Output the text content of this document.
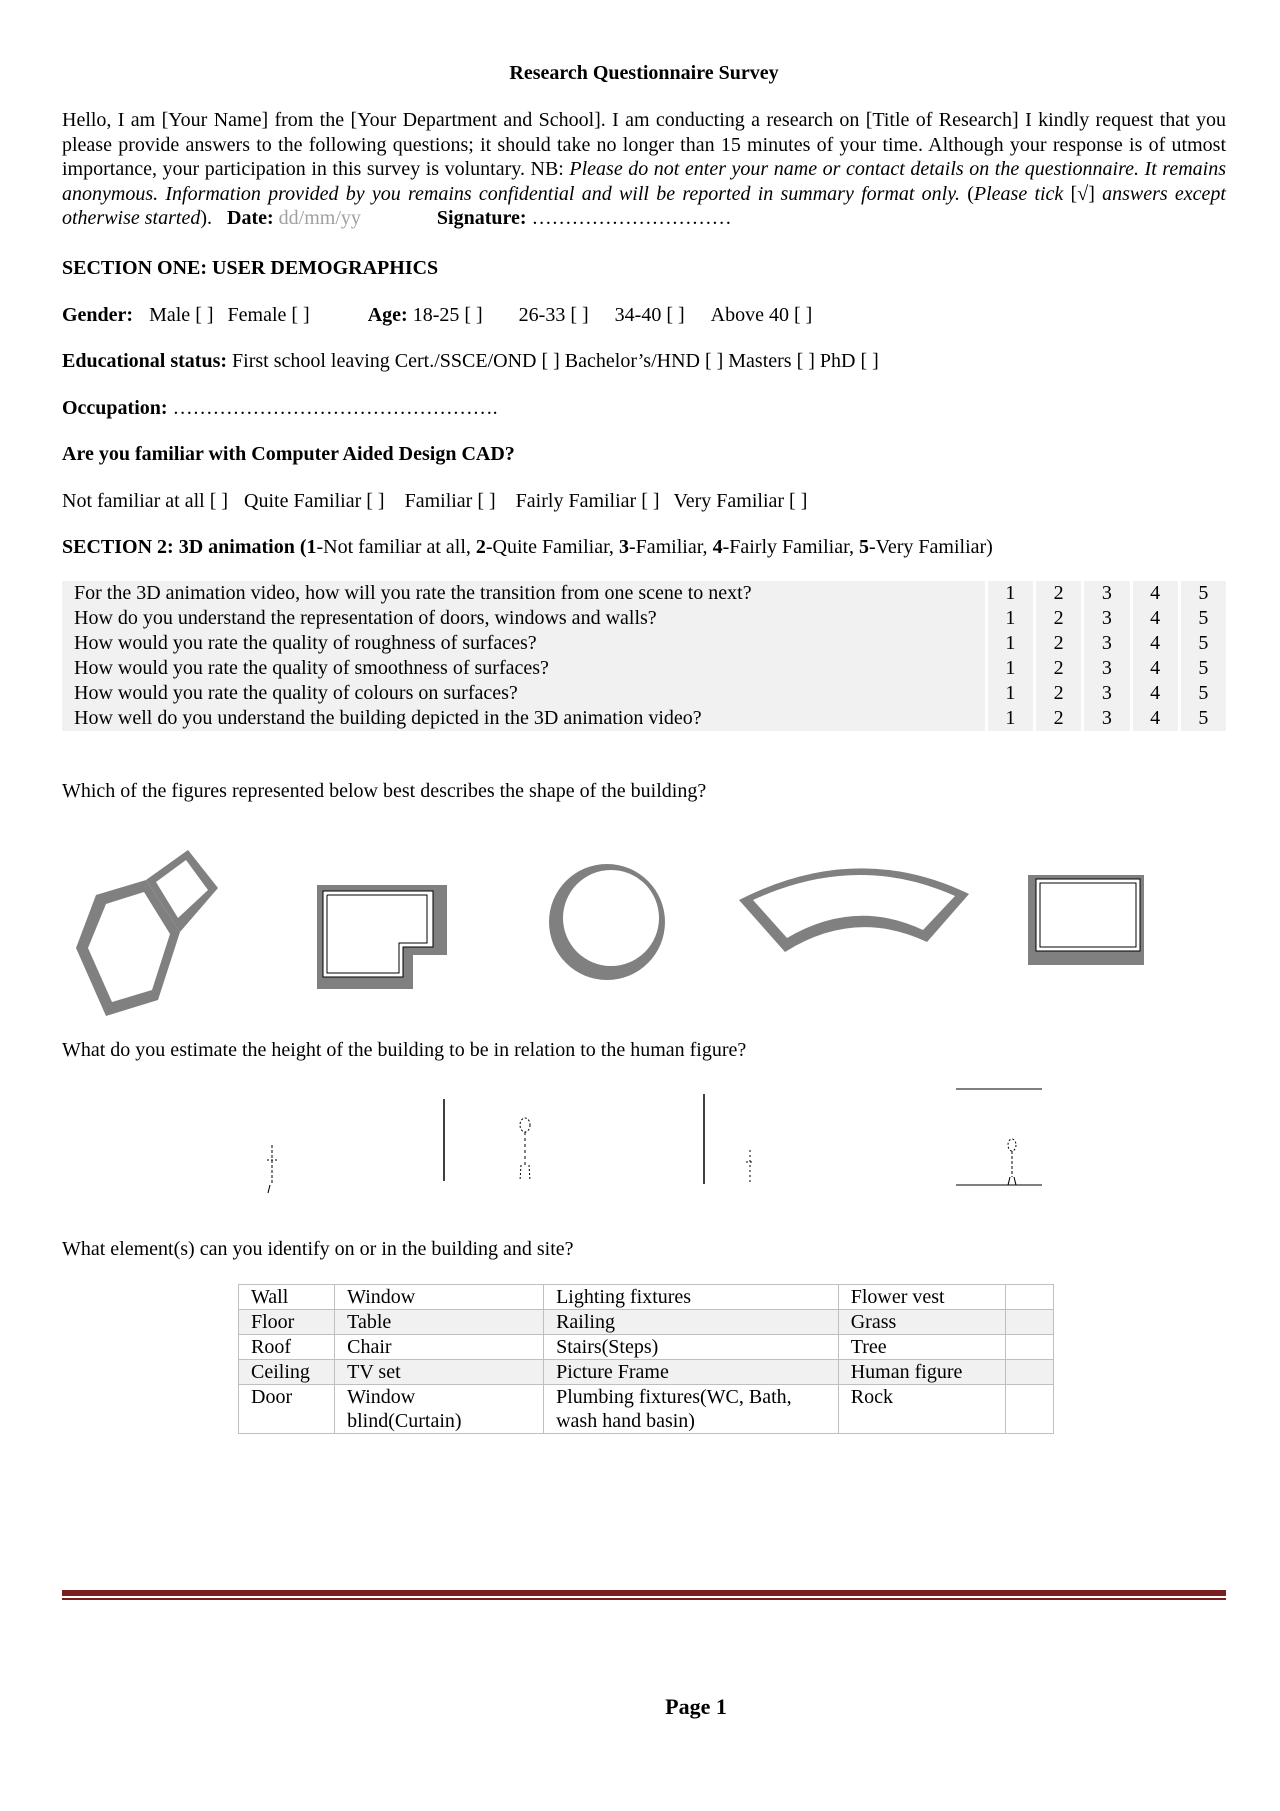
Research Questionnaire Survey
Hello, I am [Your Name] from the [Your Department and School]. I am conducting a research on [Title of Research] I kindly request that you please provide answers to the following questions; it should take no longer than 15 minutes of your time. Although your response is of utmost importance, your participation in this survey is voluntary. NB: Please do not enter your name or contact details on the questionnaire. It remains anonymous. Information provided by you remains confidential and will be reported in summary format only. (Please tick [√] answers except otherwise started). Date: dd/mm/yy	Signature: …………………………
SECTION ONE: USER DEMOGRAPHICS
Gender: Male [ ] Female [ ]	Age: 18-25 [ ] 26-33 [ ] 34-40 [ ] Above 40 [ ]
Educational status: First school leaving Cert./SSCE/OND [ ] Bachelor’s/HND [ ] Masters [ ] PhD [ ]
Occupation: ………………………………………….
Are you familiar with Computer Aided Design CAD?
Not familiar at all [ ] Quite Familiar [ ] Familiar [ ] Fairly Familiar [ ] Very Familiar [ ]
SECTION 2: 3D animation (1-Not familiar at all, 2-Quite Familiar, 3-Familiar, 4-Fairly Familiar, 5-Very Familiar)
For the 3D animation video, how will you rate the transition from one scene to next?	1	2	3	4	5
How do you understand the representation of doors, windows and walls?	1	2	3	4	5
How would you rate the quality of roughness of surfaces?	1	2	3	4	5
How would you rate the quality of smoothness of surfaces?	1	2	3	4	5
How would you rate the quality of colours on surfaces?	1	2	3	4	5
How well do you understand the building depicted in the 3D animation video?	1	2	3	4	5
Which of the figures represented below best describes the shape of the building?
What do you estimate the height of the building to be in relation to the human figure?
What element(s) can you identify on or in the building and site?
Wall	Window	Lighting fixtures	Flower vest	
Floor	Table	Railing	Grass	
Roof	Chair	Stairs(Steps)	Tree	
Ceiling	TV set	Picture Frame	Human figure	
Door	Window blind(Curtain)	Plumbing fixtures(WC, Bath, wash hand basin)	Rock	
Page 1
